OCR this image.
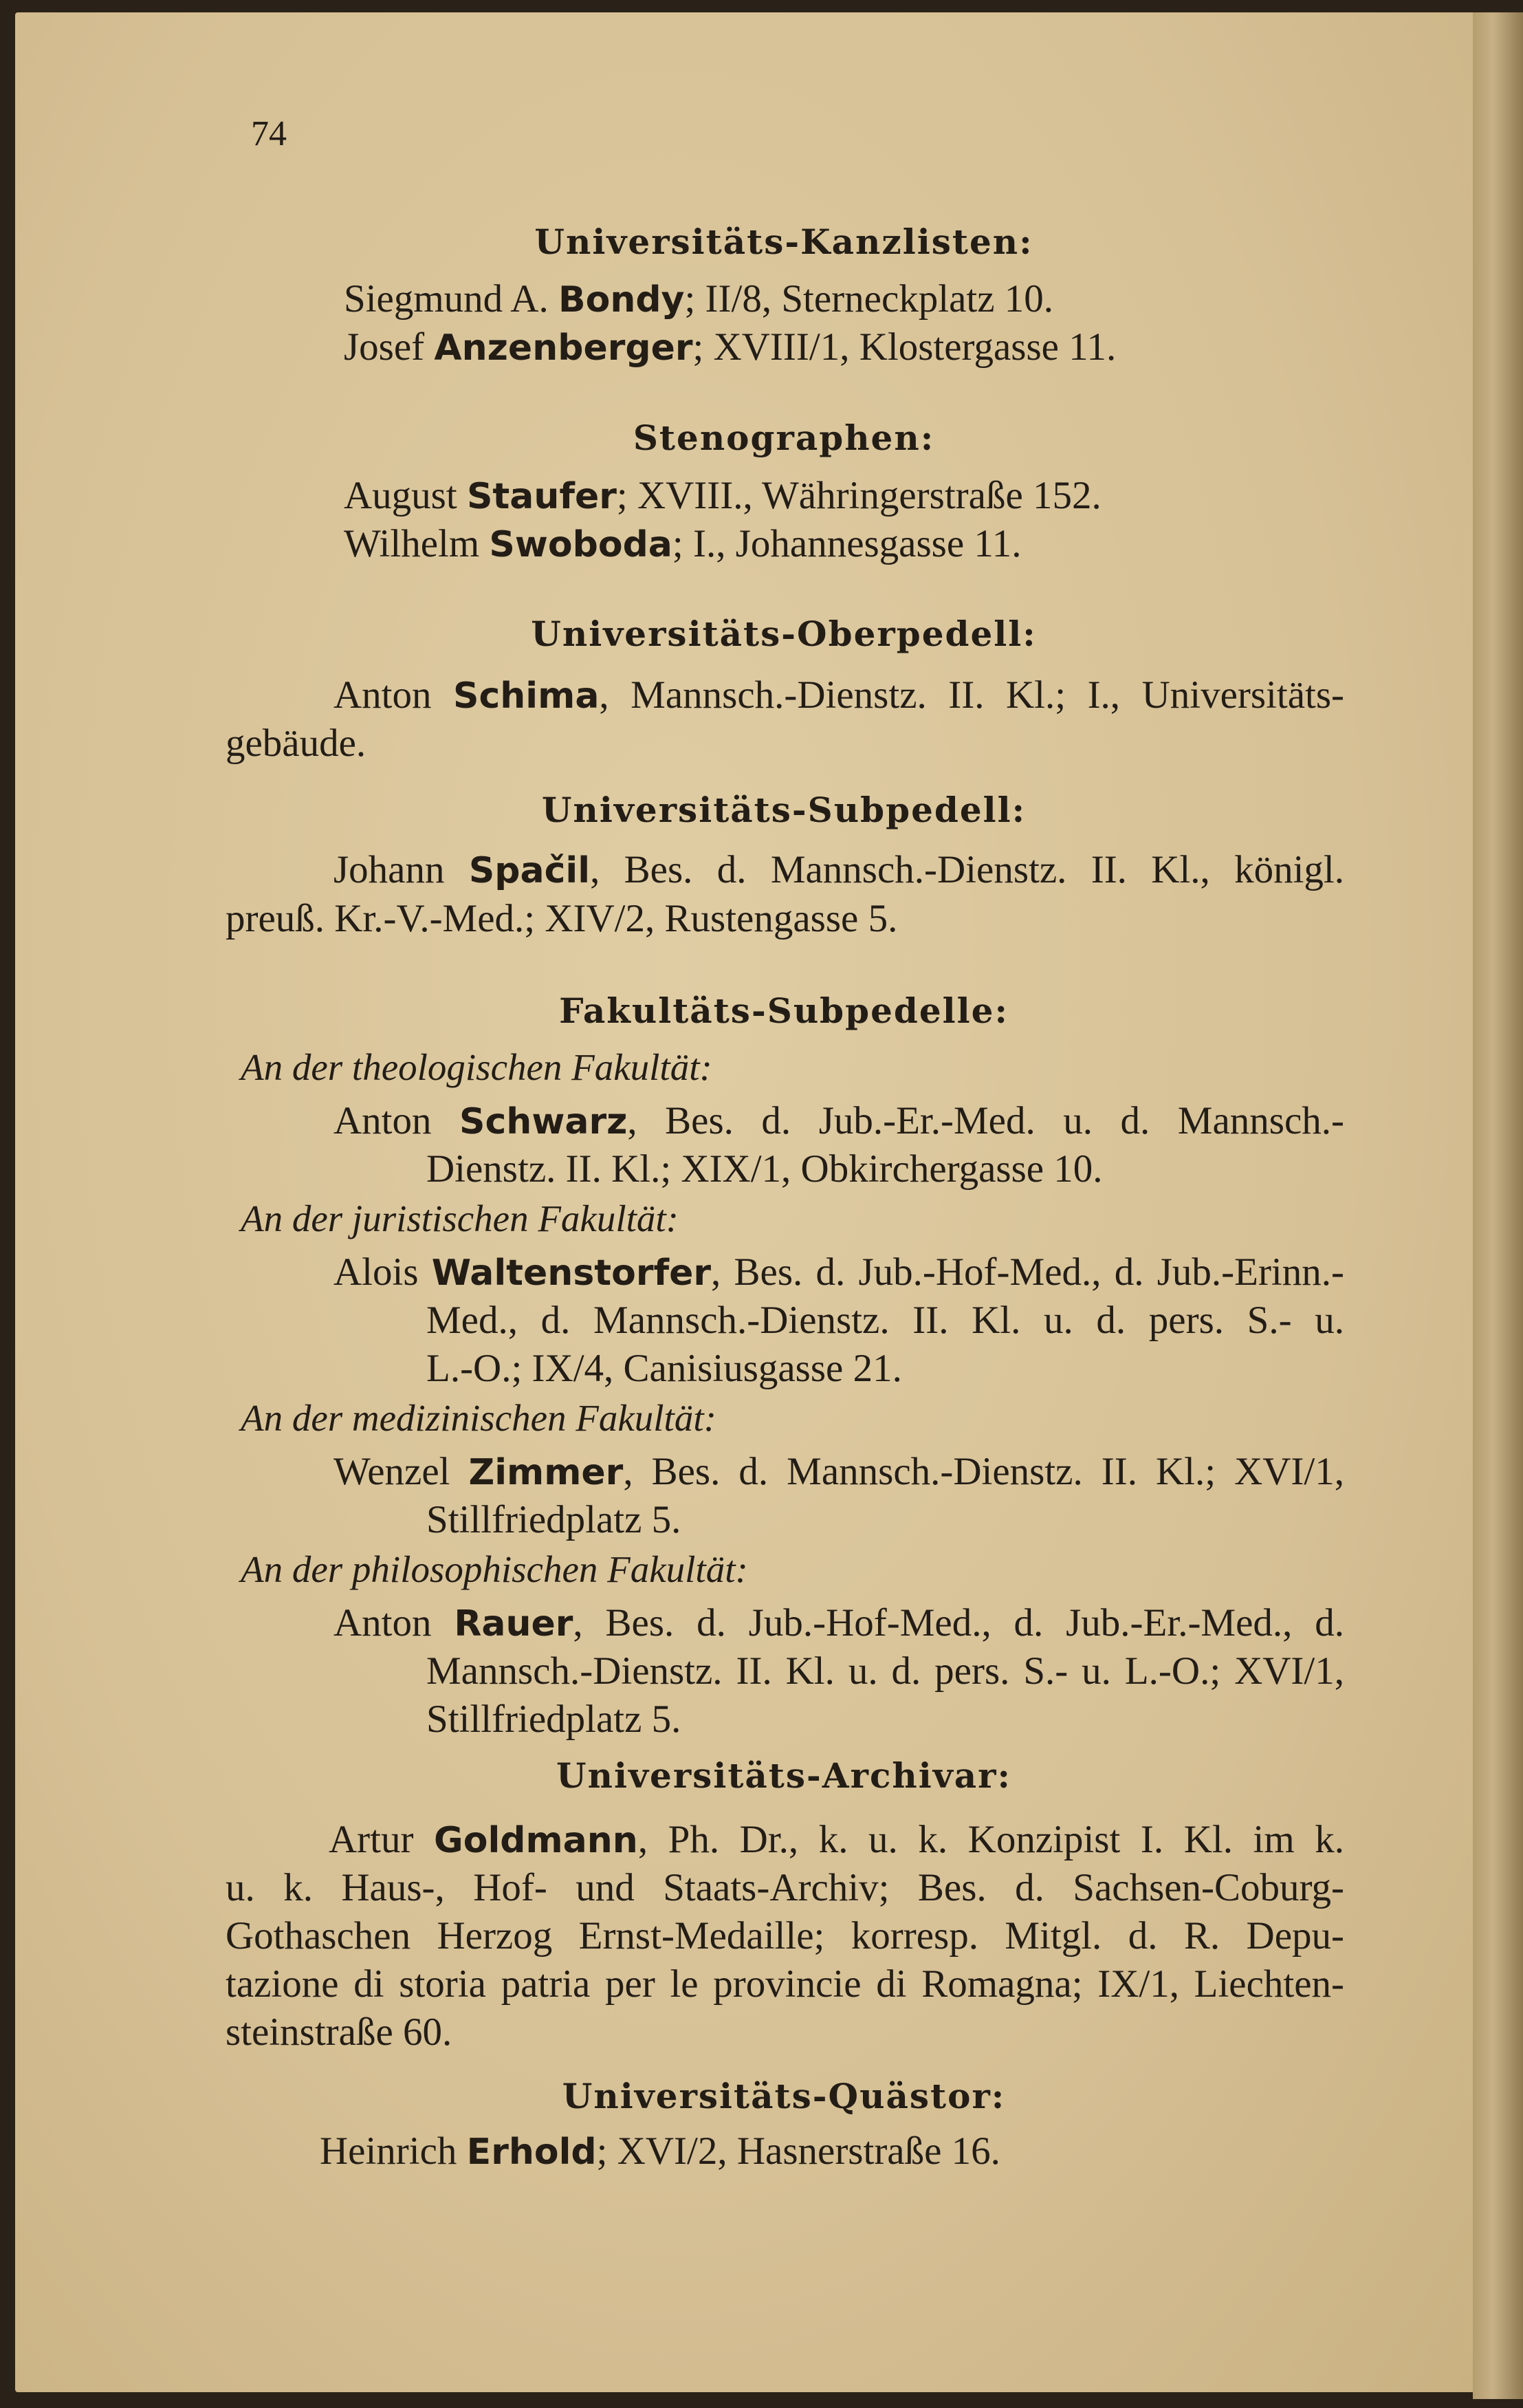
74
Universitäts-Kanzlisten:
Siegmund A. Bondy; II/8, Sterneckplatz 10.
Josef Anzenberger; XVIII/1, Klostergasse 11.
Stenographen:
August Staufer; XVIII., Währingerstraße 152.
Wilhelm Swoboda; I., Johannesgasse 11.
Universitäts-Oberpedell:
Anton Schima, Mannsch.-Dienstz. II. Kl.; I., Universitäts-
gebäude.
Universitäts-Subpedell:
Johann Spačil, Bes. d. Mannsch.-Dienstz. II. Kl., königl.
preuß. Kr.-V.-Med.; XIV/2, Rustengasse 5.
Fakultäts-Subpedelle:
An der theologischen Fakultät:
Anton Schwarz, Bes. d. Jub.-Er.-Med. u. d. Mannsch.-
Dienstz. II. Kl.; XIX/1, Obkirchergasse 10.
An der juristischen Fakultät:
Alois Waltenstorfer, Bes. d. Jub.-Hof-Med., d. Jub.-Erinn.-
Med., d. Mannsch.-Dienstz. II. Kl. u. d. pers. S.- u.
L.-O.; IX/4, Canisiusgasse 21.
An der medizinischen Fakultät:
Wenzel Zimmer, Bes. d. Mannsch.-Dienstz. II. Kl.; XVI/1,
Stillfriedplatz 5.
An der philosophischen Fakultät:
Anton Rauer, Bes. d. Jub.-Hof-Med., d. Jub.-Er.-Med., d.
Mannsch.-Dienstz. II. Kl. u. d. pers. S.- u. L.-O.; XVI/1,
Stillfriedplatz 5.
Universitäts-Archivar:
Artur Goldmann, Ph. Dr., k. u. k. Konzipist I. Kl. im k.
u. k. Haus-, Hof- und Staats-Archiv; Bes. d. Sachsen-Coburg-
Gothaschen Herzog Ernst-Medaille; korresp. Mitgl. d. R. Depu-
tazione di storia patria per le provincie di Romagna; IX/1, Liechten-
steinstraße 60.
Universitäts-Quästor:
Heinrich Erhold; XVI/2, Hasnerstraße 16.
